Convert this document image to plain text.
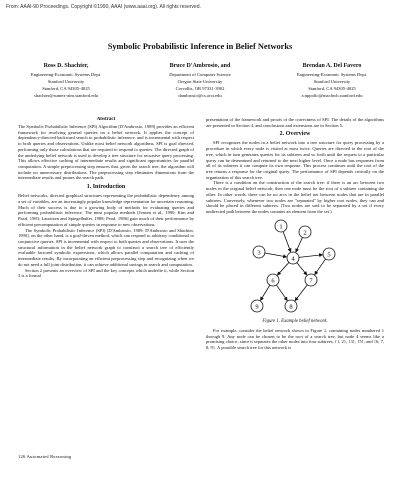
From: AAAI-90 Proceedings. Copyright ©1990, AAAI (www.aaai.org). All rights reserved.
Symbolic Probabilistic Inference in Belief Networks
Ross D. Shachter,
Engineering-Economic Systems Dept.
Stanford University
Stanford, CA 94305-4025
shachter@sumex-aim.stanford.edu
Bruce D'Ambrosio, and
Department of Computer Science
Oregon State University
Corvallis, OR 97331-3902
dambrosio@cs.orst.edu
Brendan A. Del Favero
Engineering-Economic Systems Dept.
Stanford University
Stanford, CA 94305-4025
a.nppollo@machwh.stanford.edu
Abstract

The Symbolic Probabilistic Inference (SPI) Algorithm [D'Ambrosio, 1989] provides an efficient framework for resolving general queries on a belief network. It applies the concept of dependency-directed backward search to probabilistic inference, and is incremental with respect to both queries and observations. Unlike most belief network algorithms, SPI is goal directed, performing only those calculations that are required to respond to queries. The directed graph of the underlying belief network is used to develop a tree structure for recursive query processing. This allows effective caching of intermediate results and significant opportunities for parallel computation. A simple preprocessing step ensures that, given the search tree, the algorithm will include no unnecessary distributions. The preprocessing step eliminates dimensions from the intermediate results and prunes the search path.

1. Introduction

Belief networks, directed graphical structures representing the probabilistic dependency among a set of variables, are an increasingly popular knowledge representation for uncertain reasoning. Much of their success is due to a growing body of methods for evaluating queries and performing probabilistic inference. The most popular methods [Jensen et al., 1990; Kim and Pearl, 1983; Lauritzen and Spiegelhalter, 1988; Pearl, 1986] gain much of their performance by efficient precomputation of simple queries in response to new observations.

The Symbolic Probabilistic Inference (SPI) [D'Ambrosio, 1989; D'Ambrosio and Shachter, 1990], on the other hand, is a goal-driven method, which can respond to arbitrary conditional or conjunctive queries. SPI is incremental with respect to both queries and observations. It uses the structural information in the belief network graph to construct a search tree of efficiently evaluable factored symbolic expressions, which allows parallel computation and caching of intermediate results. By incorporating an efficient preprocessing step and recognizing when we do not need a full joint distribution, it can achieve additional savings in search and computation.

Section 2 presents an overview of SPI and the key concepts which underlie it, while Section 3 is a formal

presentation of the framework and proofs of the correctness of SPI. The details of the algorithms are presented in Section 4, and conclusions and extensions are in Section 5.

2. Overview

SPI recognizes the nodes in a belief network into a tree structure for query processing by a procedure in which every node is visited at most twice. Queries are directed to the root of the tree, which in turn generates queries for its subtrees and so forth until the request to a particular query can be determined and returned to the next higher level. Once a node has responses from all of its subtrees it can compute its own response. This process continues until the root of the tree returns a response for the original query. The performance of SPI depends critically on the organization of this search tree.

There is a condition on the construction of the search tree: if there is an arc between two nodes in the original belief network, then one node must be the root of a subtree containing the other. In other words, there can be no arcs in the belief net between nodes that are in parallel subtrees. Conversely, whenever two nodes are "separated" by higher root nodes, they can and should be placed in different subtrees. (Two nodes are said to be separated by a set if every undirected path between the nodes contains an element from the set.)

1
2
3
4
5
6	7
8
9
Figure 1. Example belief network.

For example, consider the belief network shown in Figure 1, containing nodes numbered 1 through 9. Any node can be chosen to be the root of a search tree, but node 4 seems like a promising choice, since it separates the other nodes into four subtrees, {1, 2}, {3}, {5}, and {6, 7, 8, 9}. A possible search tree for this network is

126 Automated Reasoning
